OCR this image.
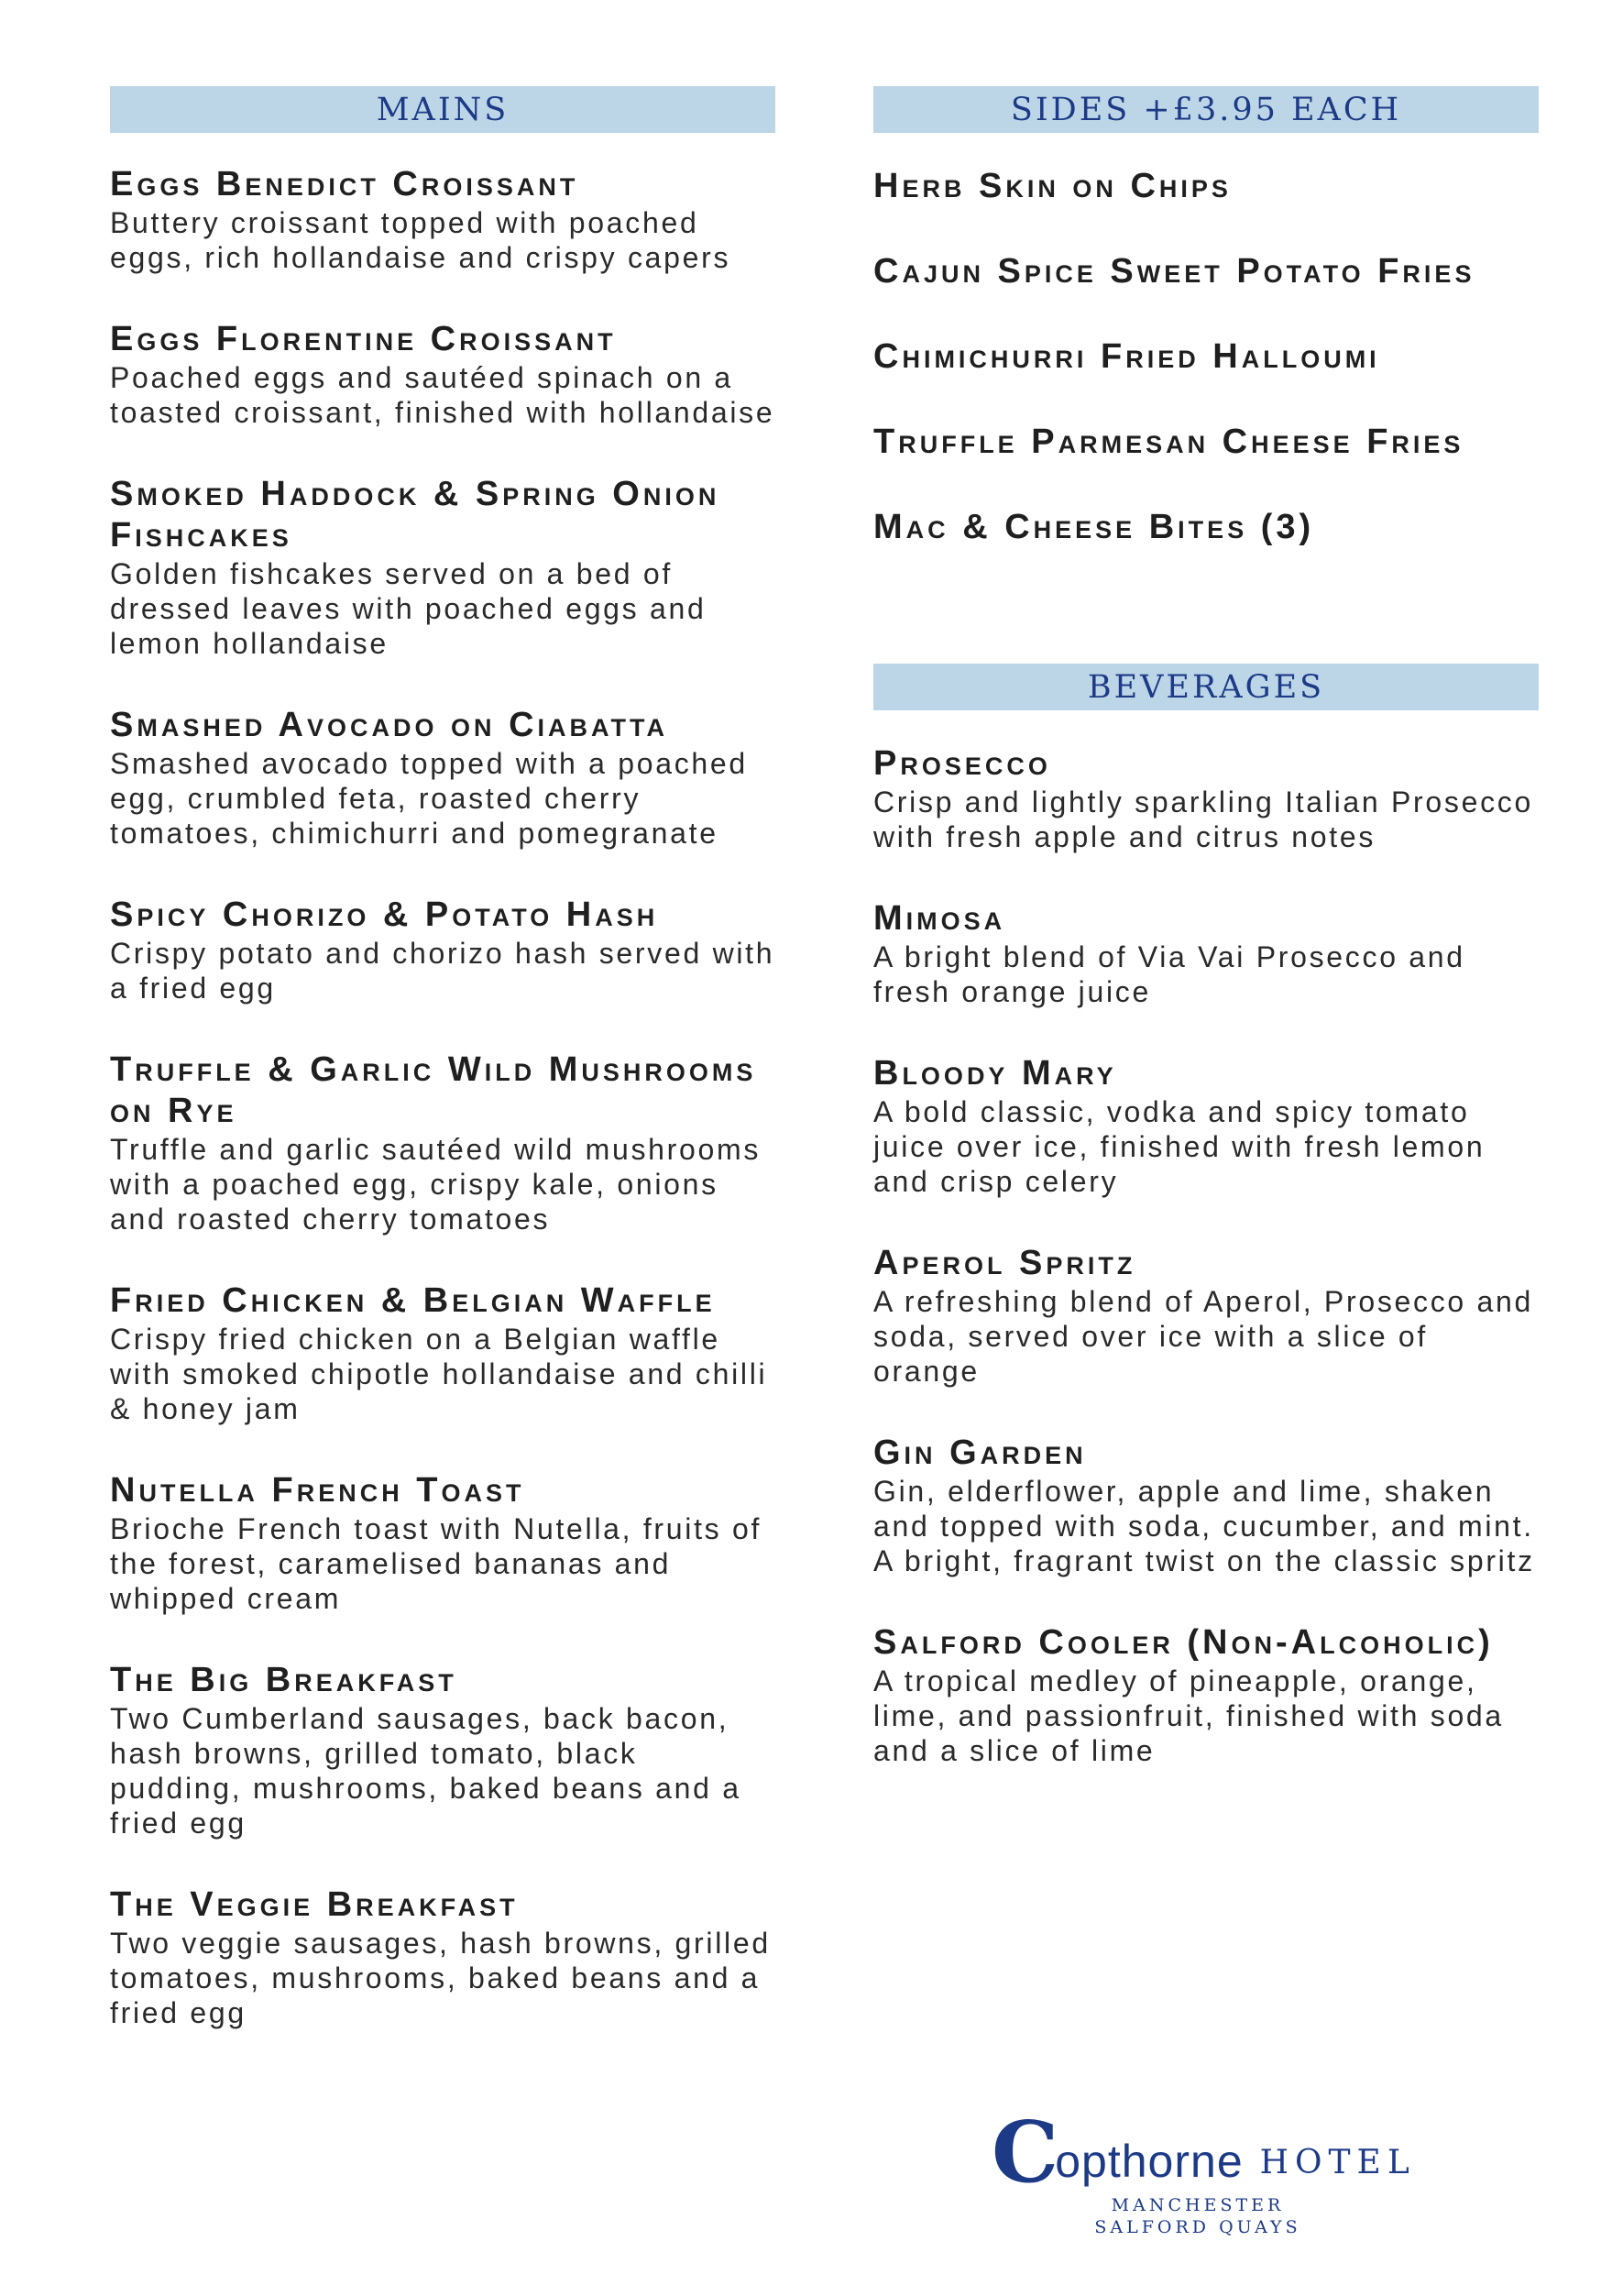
MAINS
Eggs Benedict Croissant
Buttery croissant topped with poached eggs, rich hollandaise and crispy capers
Eggs Florentine Croissant
Poached eggs and sautéed spinach on a toasted croissant, finished with hollandaise
Smoked Haddock & Spring Onion Fishcakes
Golden fishcakes served on a bed of dressed leaves with poached eggs and lemon hollandaise
Smashed Avocado on Ciabatta
Smashed avocado topped with a poached egg, crumbled feta, roasted cherry tomatoes, chimichurri and pomegranate
Spicy Chorizo & Potato Hash
Crispy potato and chorizo hash served with a fried egg
Truffle & Garlic Wild Mushrooms on Rye
Truffle and garlic sautéed wild mushrooms with a poached egg, crispy kale, onions and roasted cherry tomatoes
Fried Chicken & Belgian Waffle
Crispy fried chicken on a Belgian waffle with smoked chipotle hollandaise and chilli & honey jam
Nutella French Toast
Brioche French toast with Nutella, fruits of the forest, caramelised bananas and whipped cream
The Big Breakfast
Two Cumberland sausages, back bacon, hash browns, grilled tomato, black pudding, mushrooms, baked beans and a fried egg
The Veggie Breakfast
Two veggie sausages, hash browns, grilled tomatoes, mushrooms, baked beans and a fried egg
SIDES +£3.95 EACH
Herb Skin on Chips
Cajun Spice Sweet Potato Fries
Chimichurri Fried Halloumi
Truffle Parmesan Cheese Fries
Mac & Cheese Bites (3)
BEVERAGES
Prosecco
Crisp and lightly sparkling Italian Prosecco with fresh apple and citrus notes
Mimosa
A bright blend of Via Vai Prosecco and fresh orange juice
Bloody Mary
A bold classic, vodka and spicy tomato juice over ice, finished with fresh lemon and crisp celery
Aperol Spritz
A refreshing blend of Aperol, Prosecco and soda, served over ice with a slice of orange
Gin Garden
Gin, elderflower, apple and lime, shaken and topped with soda, cucumber, and mint. A bright, fragrant twist on the classic spritz
Salford Cooler (Non-Alcoholic)
A tropical medley of pineapple, orange, lime, and passionfruit, finished with soda and a slice of lime
C
opthorne HOTEL
MANCHESTER
SALFORD QUAYS
